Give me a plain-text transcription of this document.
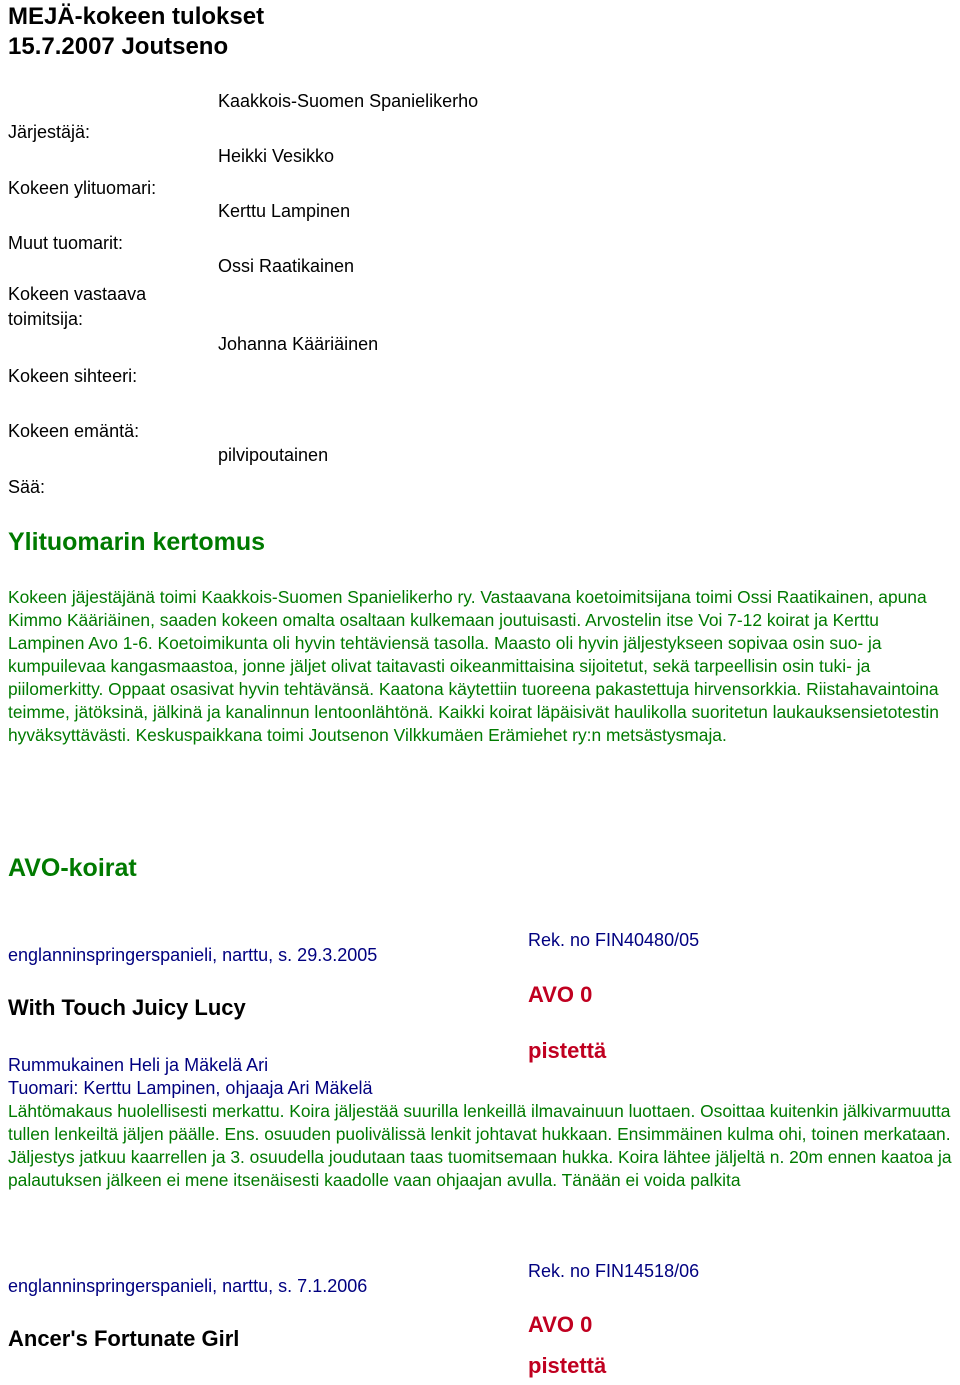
MEJÄ-kokeen tulokset
15.7.2007 Joutseno
Järjestäjä:
Kokeen ylituomari:
Muut tuomarit:
Kokeen vastaava
toimitsija:
Kokeen sihteeri:
Kokeen emäntä:
Sää:
Kaakkois-Suomen Spanielikerho
Heikki Vesikko
Kerttu Lampinen
Ossi Raatikainen
Johanna Kääriäinen
pilvipoutainen
Ylituomarin kertomus
Kokeen jäjestäjänä toimi Kaakkois-Suomen Spanielikerho ry. Vastaavana koetoimitsijana toimi Ossi Raatikainen, apuna Kimmo Kääriäinen, saaden kokeen omalta osaltaan kulkemaan joutuisasti. Arvostelin itse Voi 7-12 koirat ja Kerttu Lampinen Avo 1-6. Koetoimikunta oli hyvin tehtäviensä tasolla. Maasto oli hyvin jäljestykseen sopivaa osin suo- ja kumpuilevaa kangasmaastoa, jonne jäljet olivat taitavasti oikeanmittaisina sijoitetut, sekä tarpeellisin osin tuki- ja piilomerkitty. Oppaat osasivat hyvin tehtävänsä. Kaatona käytettiin tuoreena pakastettuja hirvensorkkia. Riistahavaintoina teimme, jätöksinä, jälkinä ja kanalinnun lentoonlähtönä. Kaikki koirat läpäisivät haulikolla suoritetun laukauksensietotestin hyväksyttävästi. Keskuspaikkana toimi Joutsenon Vilkkumäen Erämiehet ry:n metsästysmaja.
AVO-koirat
Rek. no FIN40480/05
englanninspringerspanieli, narttu, s. 29.3.2005
AVO 0
With Touch Juicy Lucy
pistettä
Rummukainen Heli ja Mäkelä Ari
Tuomari: Kerttu Lampinen, ohjaaja Ari Mäkelä
Lähtömakaus huolellisesti merkattu. Koira jäljestää suurilla lenkeillä ilmavainuun luottaen. Osoittaa kuitenkin jälkivarmuutta tullen lenkeiltä jäljen päälle. Ens. osuuden puolivälissä lenkit johtavat hukkaan. Ensimmäinen kulma ohi, toinen merkataan. Jäljestys jatkuu kaarrellen ja 3. osuudella joudutaan taas tuomitsemaan hukka. Koira lähtee jäljeltä n. 20m ennen kaatoa ja palautuksen jälkeen ei mene itsenäisesti kaadolle vaan ohjaajan avulla. Tänään ei voida palkita
Rek. no FIN14518/06
englanninspringerspanieli, narttu, s. 7.1.2006
AVO 0
Ancer's Fortunate Girl
pistettä
